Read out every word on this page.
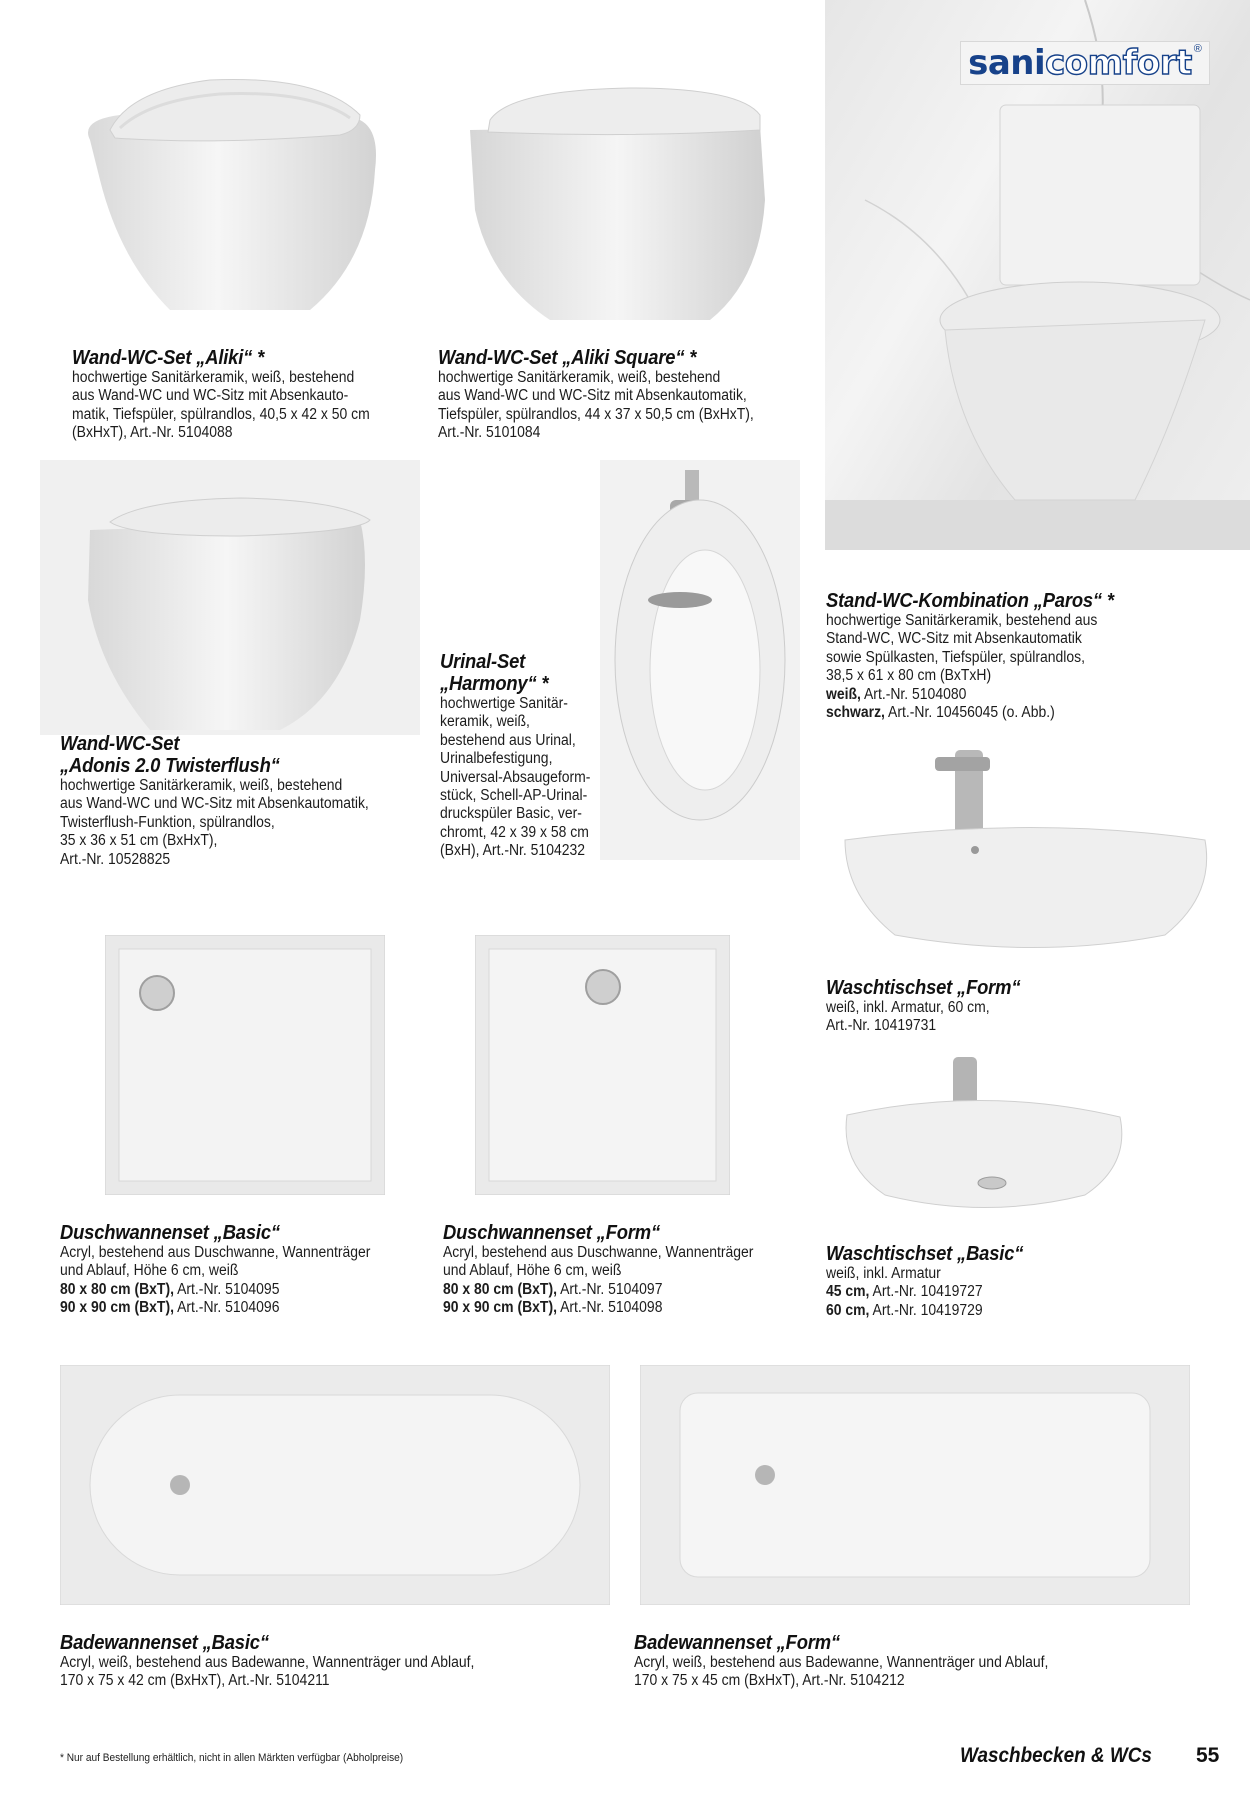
sani comfort ®
Wand-WC-Set „Aliki“ *
hochwertige Sanitärkeramik, weiß, bestehend
aus Wand-WC und WC-Sitz mit Absenkauto-
matik, Tiefspüler, spülrandlos, 40,5 x 42 x 50 cm
(BxHxT), Art.-Nr. 5104088
Wand-WC-Set „Aliki Square“ *
hochwertige Sanitärkeramik, weiß, bestehend
aus Wand-WC und WC-Sitz mit Absenkautomatik,
Tiefspüler, spülrandlos, 44 x 37 x 50,5 cm (BxHxT),
Art.-Nr. 5101084
Stand-WC-Kombination „Paros“ *
hochwertige Sanitärkeramik, bestehend aus
Stand-WC, WC-Sitz mit Absenkautomatik
sowie Spülkasten, Tiefspüler, spülrandlos,
38,5 x 61 x 80 cm (BxTxH)
weiß, Art.-Nr. 5104080
schwarz, Art.-Nr. 10456045 (o. Abb.)
Urinal-Set
„Harmony“ *
hochwertige Sanitär-
keramik, weiß,
bestehend aus Urinal,
Urinalbefestigung,
Universal-Absaugeform-
stück, Schell-AP-Urinal-
druckspüler Basic, ver-
chromt, 42 x 39 x 58 cm
(BxH), Art.-Nr. 5104232
Wand-WC-Set
„Adonis 2.0 Twisterflush“
hochwertige Sanitärkeramik, weiß, bestehend
aus Wand-WC und WC-Sitz mit Absenkautomatik,
Twisterflush-Funktion, spülrandlos,
35 x 36 x 51 cm (BxHxT),
Art.-Nr. 10528825
Waschtischset „Form“
weiß, inkl. Armatur, 60 cm,
Art.-Nr. 10419731
Duschwannenset „Basic“
Acryl, bestehend aus Duschwanne, Wannenträger
und Ablauf, Höhe 6 cm, weiß
80 x 80 cm (BxT), Art.-Nr. 5104095
90 x 90 cm (BxT), Art.-Nr. 5104096
Duschwannenset „Form“
Acryl, bestehend aus Duschwanne, Wannenträger
und Ablauf, Höhe 6 cm, weiß
80 x 80 cm (BxT), Art.-Nr. 5104097
90 x 90 cm (BxT), Art.-Nr. 5104098
Waschtischset „Basic“
weiß, inkl. Armatur
45 cm, Art.-Nr. 10419727
60 cm, Art.-Nr. 10419729
Badewannenset „Basic“
Acryl, weiß, bestehend aus Badewanne, Wannenträger und Ablauf,
170 x 75 x 42 cm (BxHxT), Art.-Nr. 5104211
Badewannenset „Form“
Acryl, weiß, bestehend aus Badewanne, Wannenträger und Ablauf,
170 x 75 x 45 cm (BxHxT), Art.-Nr. 5104212
* Nur auf Bestellung erhältlich, nicht in allen Märkten verfügbar (Abholpreise)	Waschbecken & WCs 55
